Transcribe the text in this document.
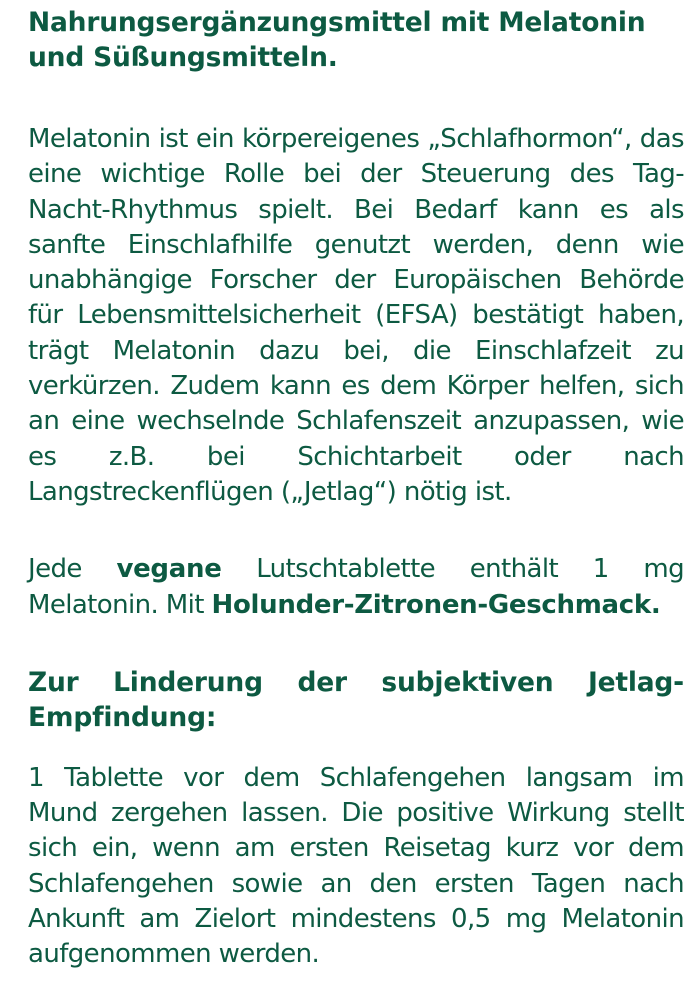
Nahrungsergänzungsmittel mit Melatonin und Süßungsmitteln.

Melatonin ist ein körpereigenes „Schlafhormon“, das eine wichtige Rolle bei der Steuerung des Tag-Nacht-Rhythmus spielt. Bei Bedarf kann es als sanfte Einschlafhilfe genutzt werden, denn wie unabhängige Forscher der Europäischen Behörde für Lebensmittelsicherheit (EFSA) bestätigt haben, trägt Melatonin dazu bei, die Einschlafzeit zu verkürzen. Zudem kann es dem Körper helfen, sich an eine wechselnde Schlafenszeit anzupassen, wie es z.B. bei Schichtarbeit oder nach Langstreckenflügen („Jetlag“) nötig ist.

Jede vegane Lutschtablette enthält 1 mg Melatonin. Mit Holunder-Zitronen-Geschmack.

Zur Linderung der subjektiven Jetlag-Empfindung:

1 Tablette vor dem Schlafengehen langsam im Mund zergehen lassen. Die positive Wirkung stellt sich ein, wenn am ersten Reisetag kurz vor dem Schlafengehen sowie an den ersten Tagen nach Ankunft am Zielort mindestens 0,5 mg Melatonin aufgenommen werden.
